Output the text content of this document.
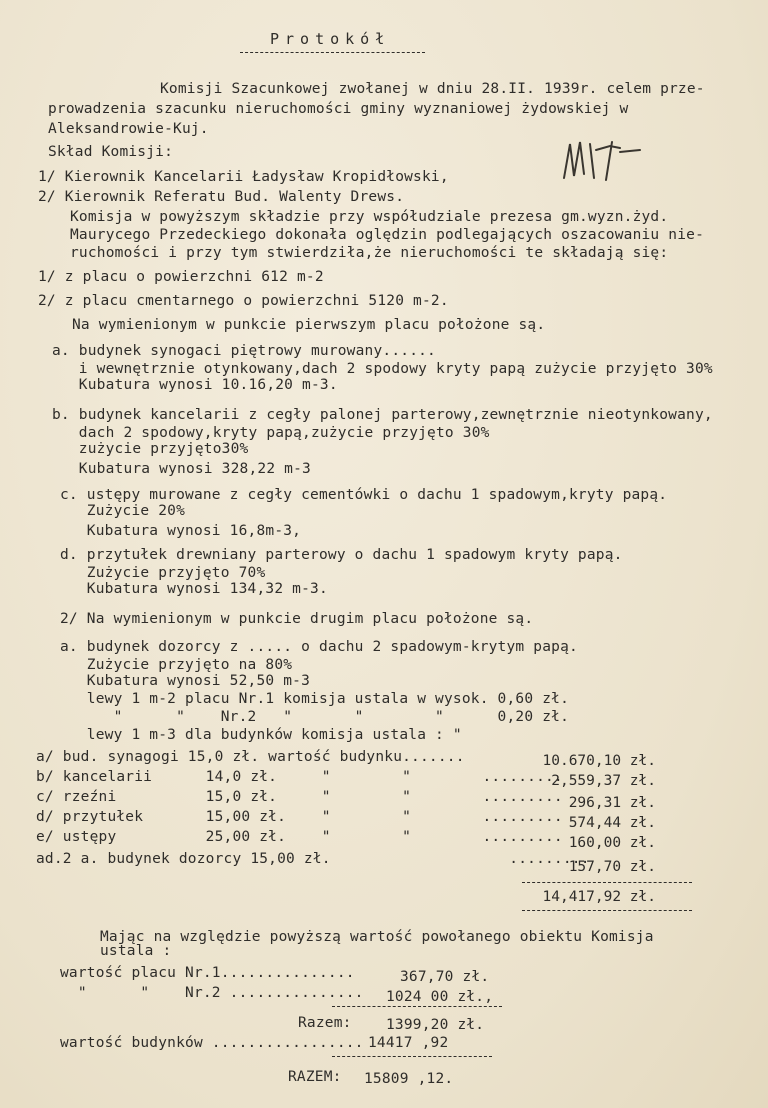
Protokół
Komisji Szacunkowej zwołanej w dniu 28.II. 1939r. celem prze-
prowadzenia szacunku nieruchomości gminy wyznaniowej żydowskiej w
Aleksandrowie-Kuj.
Skład Komisji:
1/ Kierownik Kancelarii Ładysław Kropidłowski,
2/ Kierownik Referatu Bud. Walenty Drews.
Komisja w powyższym składzie przy współudziale prezesa gm.wyzn.żyd.
Maurycego Przedeckiego dokonała oględzin podlegających oszacowaniu nie-
ruchomości i przy tym stwierdziła,że nieruchomości te składają się:
1/ z placu o powierzchni 612 m-2
2/ z placu cmentarnego o powierzchni 5120 m-2.
Na wymienionym w punkcie pierwszym placu położone są.
a. budynek synogaci piętrowy murowany......
i wewnętrznie otynkowany,dach 2 spodowy kryty papą zużycie przyjęto 30%
Kubatura wynosi 10.16,20 m-3.
b. budynek kancelarii z cegły palonej parterowy,zewnętrznie nieotynkowany,
dach 2 spodowy,kryty papą,zużycie przyjęto 30%
zużycie przyjęto30%
Kubatura wynosi 328,22 m-3
c. ustępy murowane z cegły cementówki o dachu 1 spadowym,kryty papą.
Zużycie 20%
Kubatura wynosi 16,8m-3,
d. przytułek drewniany parterowy o dachu 1 spadowym kryty papą.
Zużycie przyjęto 70%
Kubatura wynosi 134,32 m-3.
2/ Na wymienionym w punkcie drugim placu położone są.
a. budynek dozorcy z ..... o dachu 2 spadowym-krytym papą.
Zużycie przyjęto na 80%
Kubatura wynosi 52,50 m-3
lewy 1 m-2 placu Nr.1 komisja ustala w wysok. 0,60 zł.
"      "    Nr.2   "       "        "      0,20 zł.
lewy 1 m-3 dla budynków komisja ustala : "
a/ bud. synagogi 15,0 zł. wartość budynku.......	10.670,10 zł.
b/ kancelarii      14,0 zł.     "        "        .........
2,559,37 zł.
c/ rzeźni          15,0 zł.     "        "        ......... 296,31 zł.
d/ przytułek       15,00 zł.    "        "        ......... 574,44 zł.
e/ ustępy          25,00 zł.    "        "        ......... 160,00 zł.
ad.2 a. budynek dozorcy 15,00 zł.                    .........
157,70 zł.
14,417,92 zł.
Mając na względzie powyższą wartość powołanego obiektu Komisja
ustala :
wartość placu Nr.1...............	367,70 zł.
"      "    Nr.2 ............... 1024 00 zł.,
Razem: 1399,20 zł.
wartość budynków ................. 14417 ,92
RAZEM: 15809 ,12.
